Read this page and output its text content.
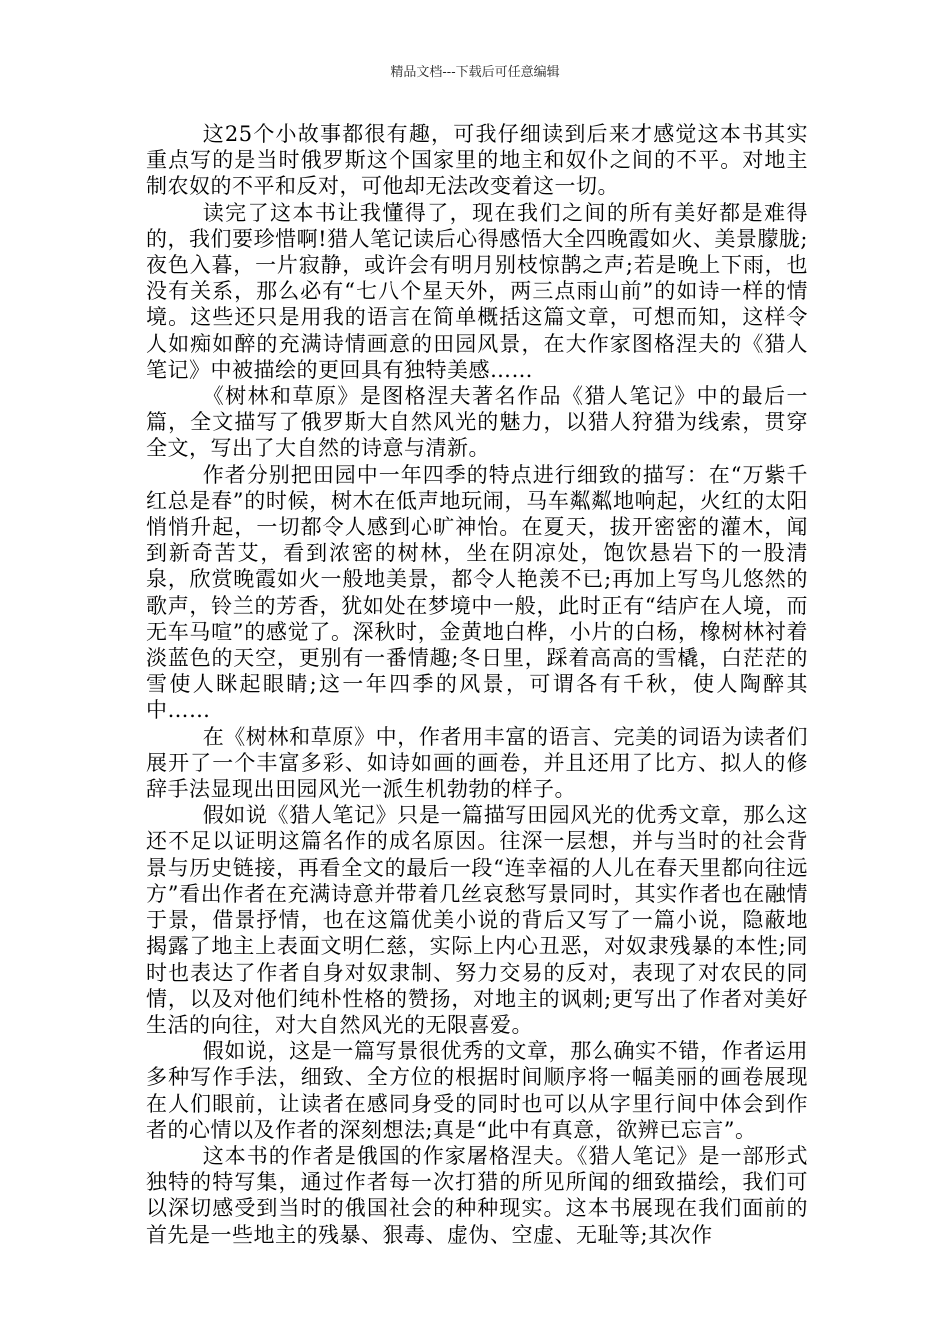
精品文档---下载后可任意编辑

这25个小故事都很有趣，可我仔细读到后来才感觉这本书其实重点写的是当时俄罗斯这个国家里的地主和奴仆之间的不平。对地主制农奴的不平和反对，可他却无法改变着这一切。

读完了这本书让我懂得了，现在我们之间的所有美好都是难得的，我们要珍惜啊!猎人笔记读后心得感悟大全四晚霞如火、美景朦胧;夜色入暮，一片寂静，或许会有明月别枝惊鹊之声;若是晚上下雨，也没有关系，那么必有“七八个星天外，两三点雨山前”的如诗一样的情境。这些还只是用我的语言在简单概括这篇文章，可想而知，这样令人如痴如醉的充满诗情画意的田园风景，在大作家图格涅夫的《猎人笔记》中被描绘的更回具有独特美感……

《树林和草原》是图格涅夫著名作品《猎人笔记》中的最后一篇，全文描写了俄罗斯大自然风光的魅力，以猎人狩猎为线索，贯穿全文，写出了大自然的诗意与清新。

作者分别把田园中一年四季的特点进行细致的描写：在“万紫千红总是春”的时候，树木在低声地玩闹，马车粼粼地响起，火红的太阳悄悄升起，一切都令人感到心旷神怡。在夏天，拔开密密的灌木，闻到新奇苦艾，看到浓密的树林，坐在阴凉处，饱饮悬岩下的一股清泉，欣赏晚霞如火一般地美景，都令人艳羡不已;再加上写鸟儿悠然的歌声，铃兰的芳香，犹如处在梦境中一般，此时正有“结庐在人境，而无车马喧”的感觉了。深秋时，金黄地白桦，小片的白杨，橡树林衬着淡蓝色的天空，更别有一番情趣;冬日里，踩着高高的雪橇，白茫茫的雪使人眯起眼睛;这一年四季的风景，可谓各有千秋，使人陶醉其中……

在《树林和草原》中，作者用丰富的语言、完美的词语为读者们展开了一个丰富多彩、如诗如画的画卷，并且还用了比方、拟人的修辞手法显现出田园风光一派生机勃勃的样子。

假如说《猎人笔记》只是一篇描写田园风光的优秀文章，那么这还不足以证明这篇名作的成名原因。往深一层想，并与当时的社会背景与历史链接，再看全文的最后一段“连幸福的人儿在春天里都向往远方”看出作者在充满诗意并带着几丝哀愁写景同时，其实作者也在融情于景，借景抒情，也在这篇优美小说的背后又写了一篇小说，隐蔽地揭露了地主上表面文明仁慈，实际上内心丑恶，对奴隶残暴的本性;同时也表达了作者自身对奴隶制、努力交易的反对，表现了对农民的同情，以及对他们纯朴性格的赞扬，对地主的讽刺;更写出了作者对美好生活的向往，对大自然风光的无限喜爱。

假如说，这是一篇写景很优秀的文章，那么确实不错，作者运用多种写作手法，细致、全方位的根据时间顺序将一幅美丽的画卷展现在人们眼前，让读者在感同身受的同时也可以从字里行间中体会到作者的心情以及作者的深刻想法;真是“此中有真意，欲辨已忘言”。

这本书的作者是俄国的作家屠格涅夫。《猎人笔记》是一部形式独特的特写集，通过作者每一次打猎的所见所闻的细致描绘，我们可以深切感受到当时的俄国社会的种种现实。这本书展现在我们面前的首先是一些地主的残暴、狠毒、虚伪、空虚、无耻等;其次作
